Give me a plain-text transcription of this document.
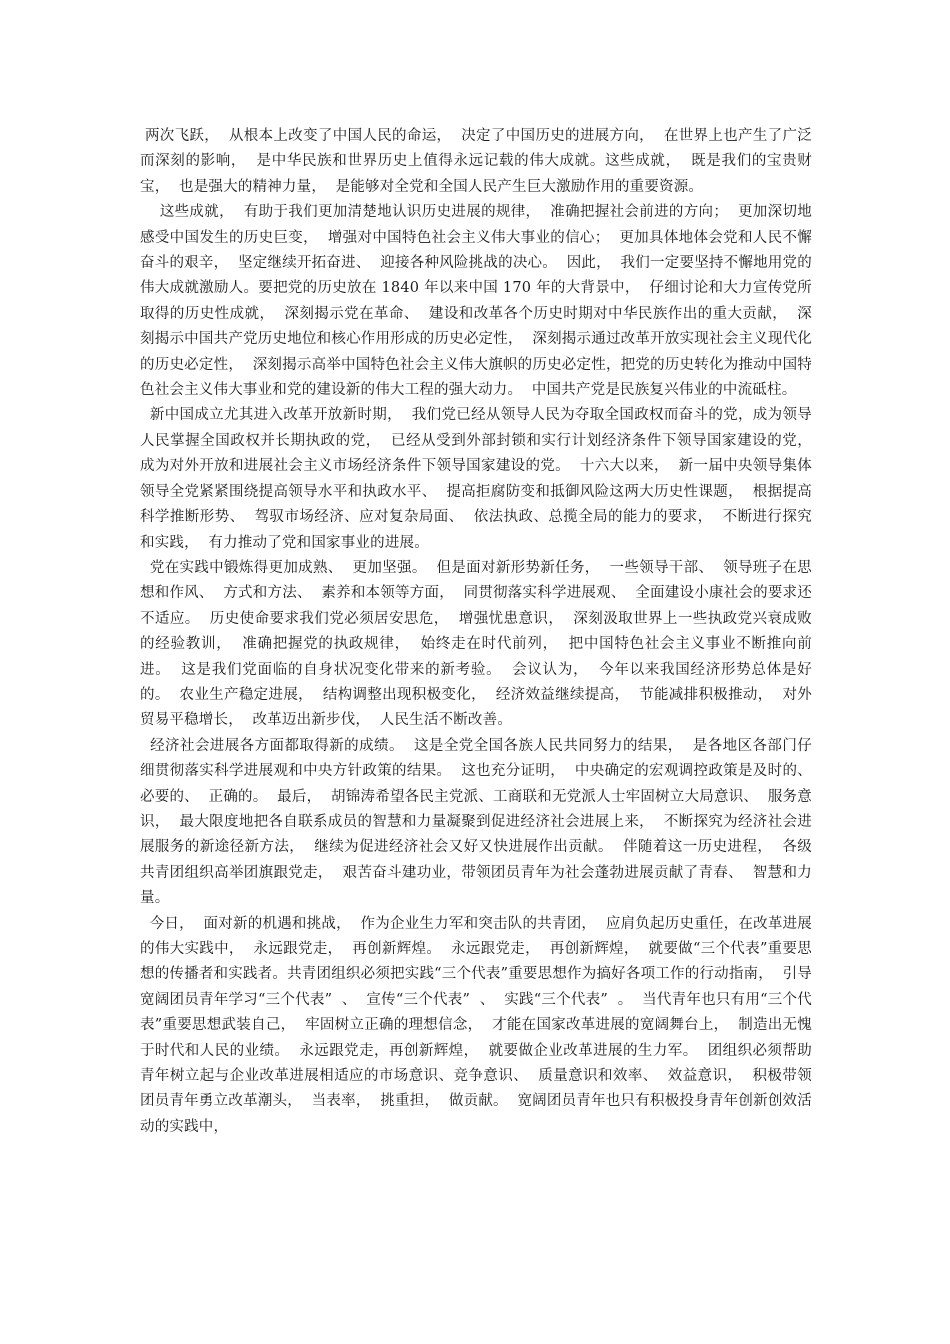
两次飞跃，  从根本上改变了中国人民的命运，  决定了中国历史的进展方向，  在世界上也产生了广泛而深刻的影响，  是中华民族和世界历史上值得永远记载的伟大成就。这些成就，  既是我们的宝贵财宝，  也是强大的精神力量，  是能够对全党和全国人民产生巨大激励作用的重要资源。

这些成就，  有助于我们更加清楚地认识历史进展的规律，  准确把握社会前进的方向；  更加深切地感受中国发生的历史巨变，  增强对中国特色社会主义伟大事业的信心；  更加具体地体会党和人民不懈奋斗的艰辛，  坚定继续开拓奋进、  迎接各种风险挑战的决心。  因此，  我们一定要坚持不懈地用党的伟大成就激励人。要把党的历史放在 1840 年以来中国 170 年的大背景中，  仔细讨论和大力宣传党所取得的历史性成就，  深刻揭示党在革命、  建设和改革各个历史时期对中华民族作出的重大贡献，  深刻揭示中国共产党历史地位和核心作用形成的历史必定性，  深刻揭示通过改革开放实现社会主义现代化的历史必定性，  深刻揭示高举中国特色社会主义伟大旗帜的历史必定性，把党的历史转化为推动中国特色社会主义伟大事业和党的建设新的伟大工程的强大动力。  中国共产党是民族复兴伟业的中流砥柱。

新中国成立尤其进入改革开放新时期，  我们党已经从领导人民为夺取全国政权而奋斗的党，成为领导人民掌握全国政权并长期执政的党，  已经从受到外部封锁和实行计划经济条件下领导国家建设的党，  成为对外开放和进展社会主义市场经济条件下领导国家建设的党。  十六大以来，  新一届中央领导集体领导全党紧紧围绕提高领导水平和执政水平、  提高拒腐防变和抵御风险这两大历史性课题，  根据提高科学推断形势、  驾驭市场经济、应对复杂局面、  依法执政、总揽全局的能力的要求，  不断进行探究和实践，  有力推动了党和国家事业的进展。

党在实践中锻炼得更加成熟、  更加坚强。  但是面对新形势新任务，  一些领导干部、  领导班子在思想和作风、  方式和方法、  素养和本领等方面，  同贯彻落实科学进展观、  全面建设小康社会的要求还不适应。  历史使命要求我们党必须居安思危，  增强忧患意识，  深刻汲取世界上一些执政党兴衰成败的经验教训，  准确把握党的执政规律，  始终走在时代前列，  把中国特色社会主义事业不断推向前进。  这是我们党面临的自身状况变化带来的新考验。  会议认为，  今年以来我国经济形势总体是好的。  农业生产稳定进展，  结构调整出现积极变化，  经济效益继续提高，  节能减排积极推动，  对外贸易平稳增长，  改革迈出新步伐，  人民生活不断改善。

经济社会进展各方面都取得新的成绩。  这是全党全国各族人民共同努力的结果，  是各地区各部门仔细贯彻落实科学进展观和中央方针政策的结果。  这也充分证明，  中央确定的宏观调控政策是及时的、  必要的、  正确的。  最后，  胡锦涛希望各民主党派、工商联和无党派人士牢固树立大局意识、  服务意识，  最大限度地把各自联系成员的智慧和力量凝聚到促进经济社会进展上来，  不断探究为经济社会进展服务的新途径新方法，  继续为促进经济社会又好又快进展作出贡献。  伴随着这一历史进程，  各级共青团组织高举团旗跟党走，  艰苦奋斗建功业，带领团员青年为社会蓬勃进展贡献了青春、  智慧和力量。

今日，  面对新的机遇和挑战，  作为企业生力军和突击队的共青团，  应肩负起历史重任，在改革进展的伟大实践中，  永远跟党走，  再创新辉煌。  永远跟党走，  再创新辉煌，  就要做“三个代表”重要思想的传播者和实践者。共青团组织必须把实践“三个代表”重要思想作为搞好各项工作的行动指南，  引导宽阔团员青年学习“三个代表”  、  宣传“三个代表”  、  实践“三个代表”  。  当代青年也只有用“三个代表”重要思想武装自己，  牢固树立正确的理想信念，  才能在国家改革进展的宽阔舞台上，  制造出无愧于时代和人民的业绩。  永远跟党走，再创新辉煌，  就要做企业改革进展的生力军。  团组织必须帮助青年树立起与企业改革进展相适应的市场意识、竞争意识、  质量意识和效率、  效益意识，  积极带领团员青年勇立改革潮头，  当表率，  挑重担，  做贡献。  宽阔团员青年也只有积极投身青年创新创效活动的实践中，
